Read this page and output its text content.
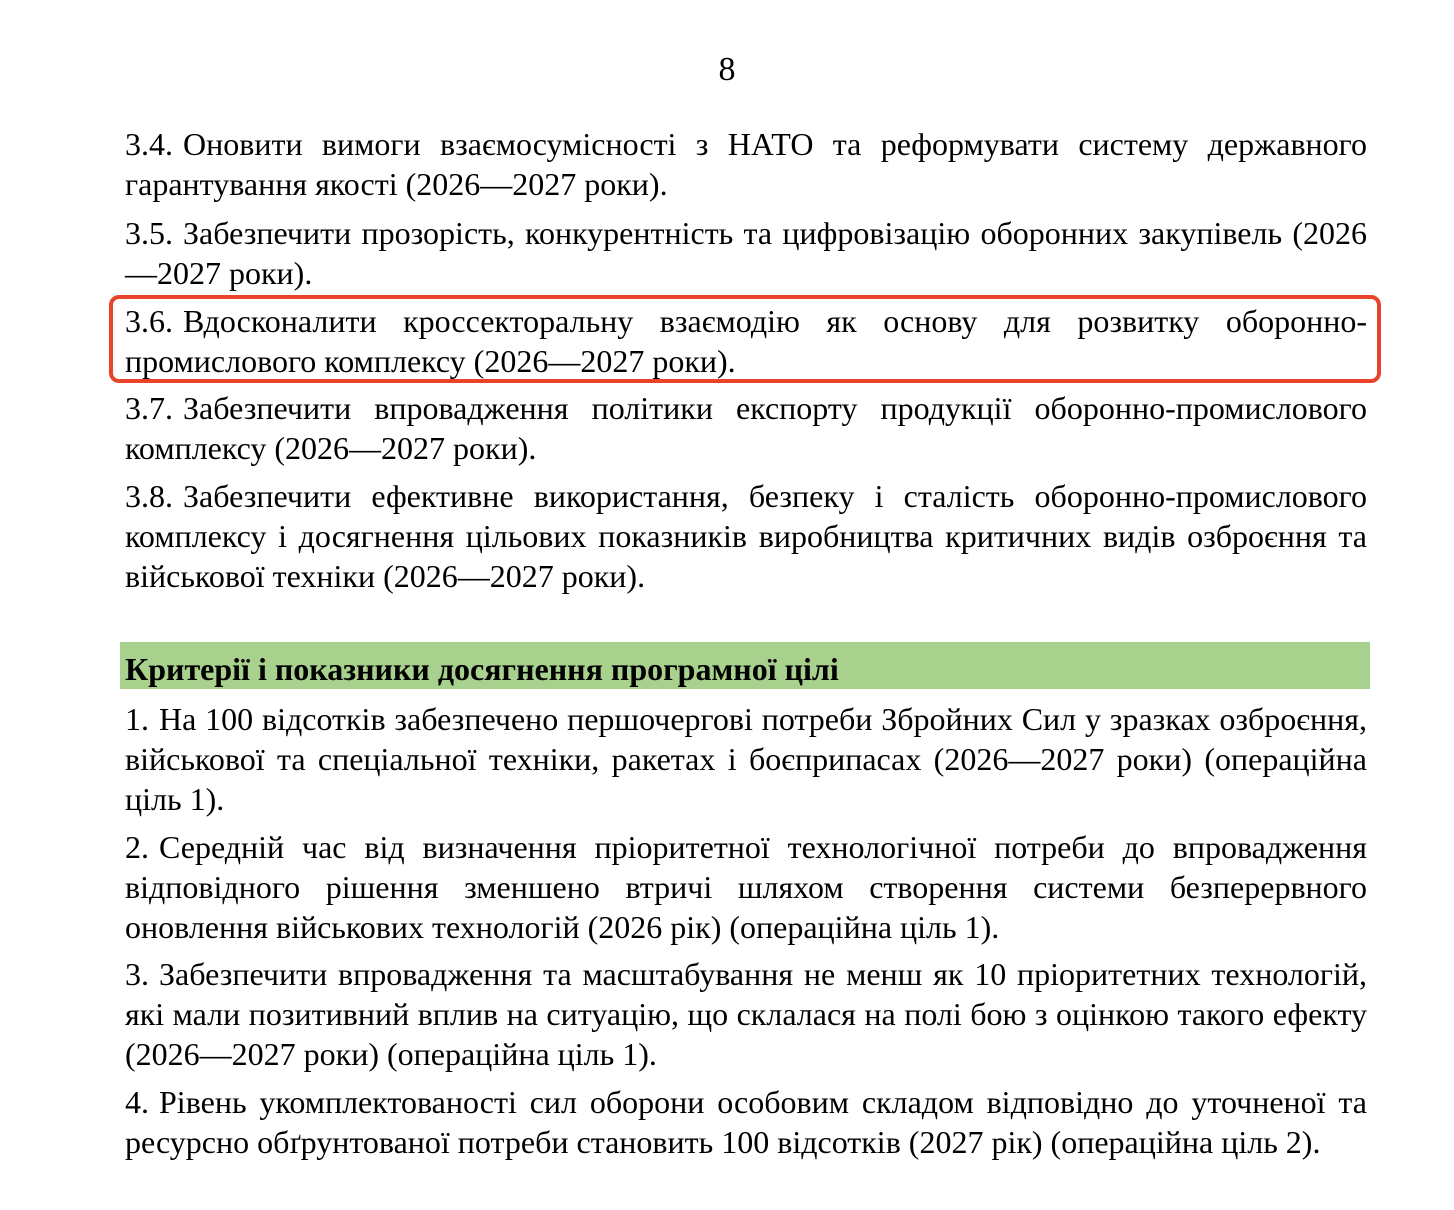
8

3.4. Оновити вимоги взаємосумісності з НАТО та реформувати систему державного гарантування якості (2026—2027 роки).

3.5. Забезпечити прозорість, конкурентність та цифровізацію оборонних закупівель (2026—2027 роки).

3.6. Вдосконалити кроссекторальну взаємодію як основу для розвитку оборонно-промислового комплексу (2026—2027 роки).

3.7. Забезпечити впровадження політики експорту продукції оборонно-промислового комплексу (2026—2027 роки).

3.8. Забезпечити ефективне використання, безпеку і сталість оборонно-промислового комплексу і досягнення цільових показників виробництва критичних видів озброєння та військової техніки (2026—2027 роки).

Критерії і показники досягнення програмної цілі

1. На 100 відсотків забезпечено першочергові потреби Збройних Сил у зразках озброєння, військової та спеціальної техніки, ракетах і боєприпасах (2026—2027 роки) (операційна ціль 1).

2. Середній час від визначення пріоритетної технологічної потреби до впровадження відповідного рішення зменшено втричі шляхом створення системи безперервного оновлення військових технологій (2026 рік) (операційна ціль 1).

3. Забезпечити впровадження та масштабування не менш як 10 пріоритетних технологій, які мали позитивний вплив на ситуацію, що склалася на полі бою з оцінкою такого ефекту (2026—2027 роки) (операційна ціль 1).

4. Рівень укомплектованості сил оборони особовим складом відповідно до уточненої та ресурсно обґрунтованої потреби становить 100 відсотків (2027 рік) (операційна ціль 2).
